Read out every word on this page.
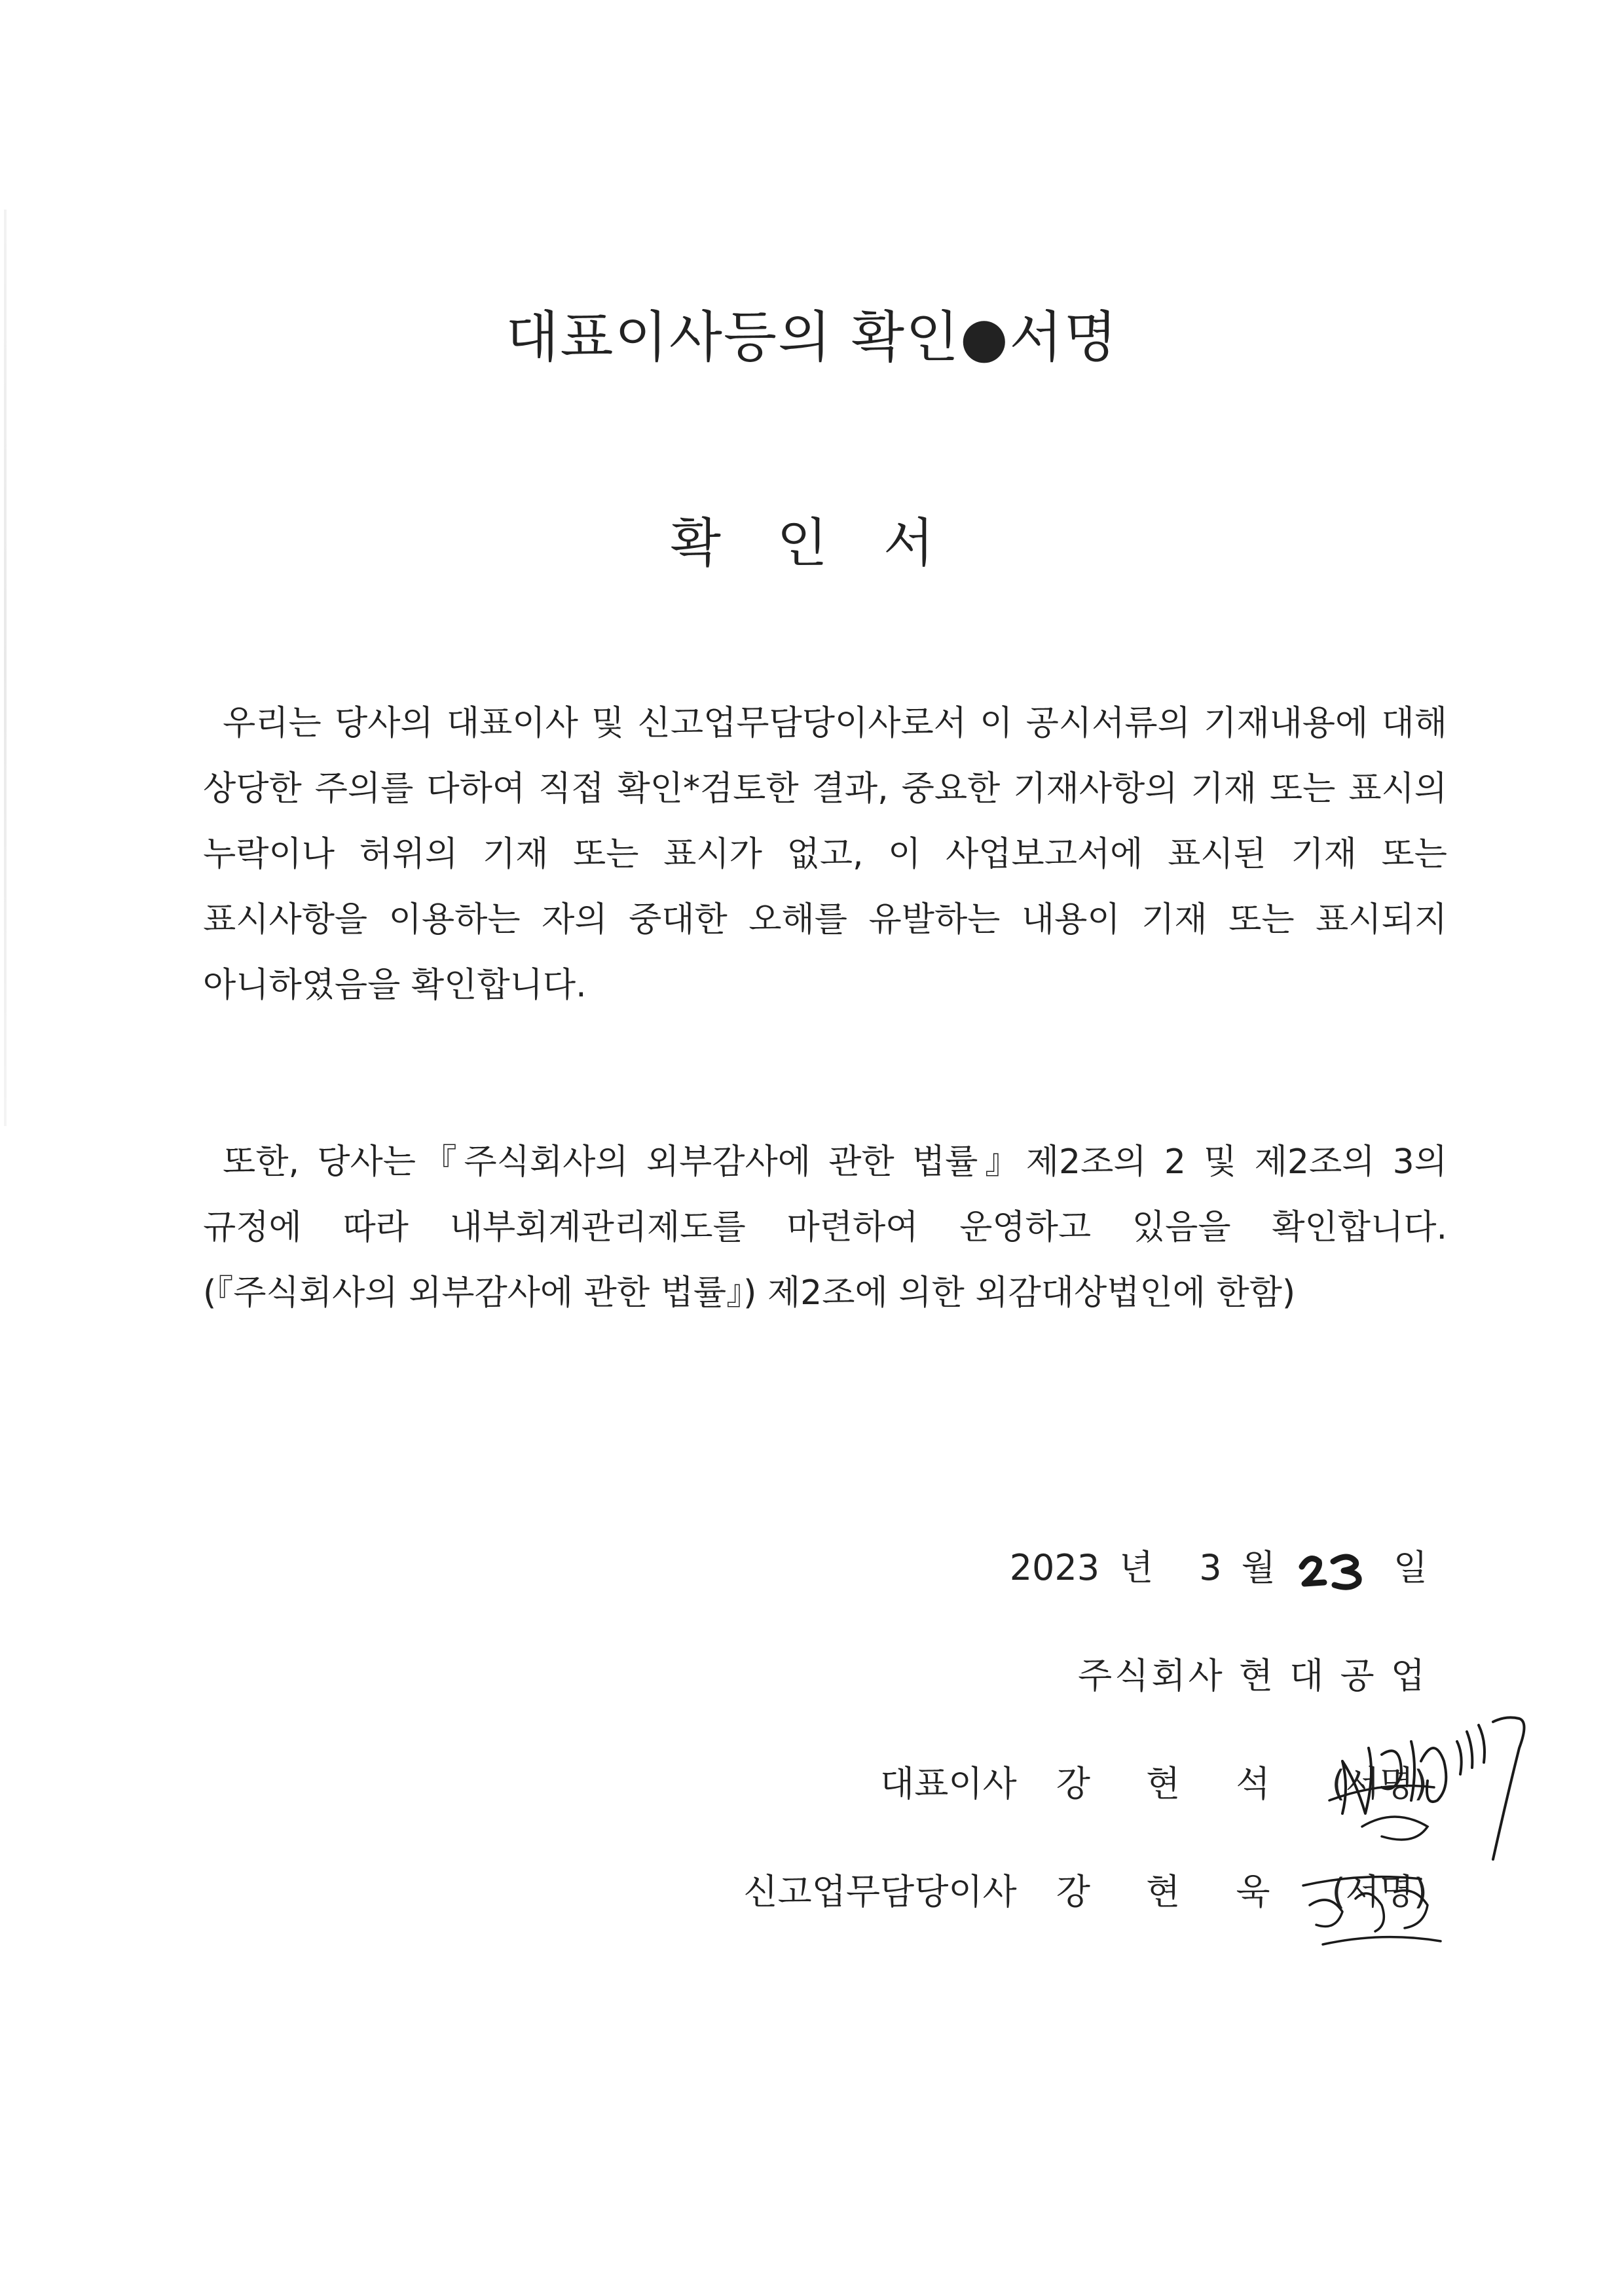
대표이사등의 확인●서명
확 인 서

우리는 당사의 대표이사 및 신고업무담당이사로서 이 공시서류의 기재내용에 대해 상당한 주의를 다하여 직접 확인*검토한 결과, 중요한 기재사항의 기재 또는 표시의 누락이나 허위의 기재 또는 표시가 없고, 이 사업보고서에 표시된 기재 또는 표시사항을 이용하는 자의 중대한 오해를 유발하는 내용이 기재 또는 표시되지 아니하였음을 확인합니다.

또한, 당사는『주식회사의 외부감사에 관한 법률』제2조의 2 및 제2조의 3의 규정에 따라 내부회계관리제도를 마련하여 운영하고 있음을 확인합니다.(『주식회사의 외부감사에 관한 법률』) 제2조에 의한 외감대상법인에 한함)

2023 년 3 월	일
주식회사 현 대 공 업
대표이사 강 현 석 (서명)
신고업무담당이사 강 현 욱 (서명)
